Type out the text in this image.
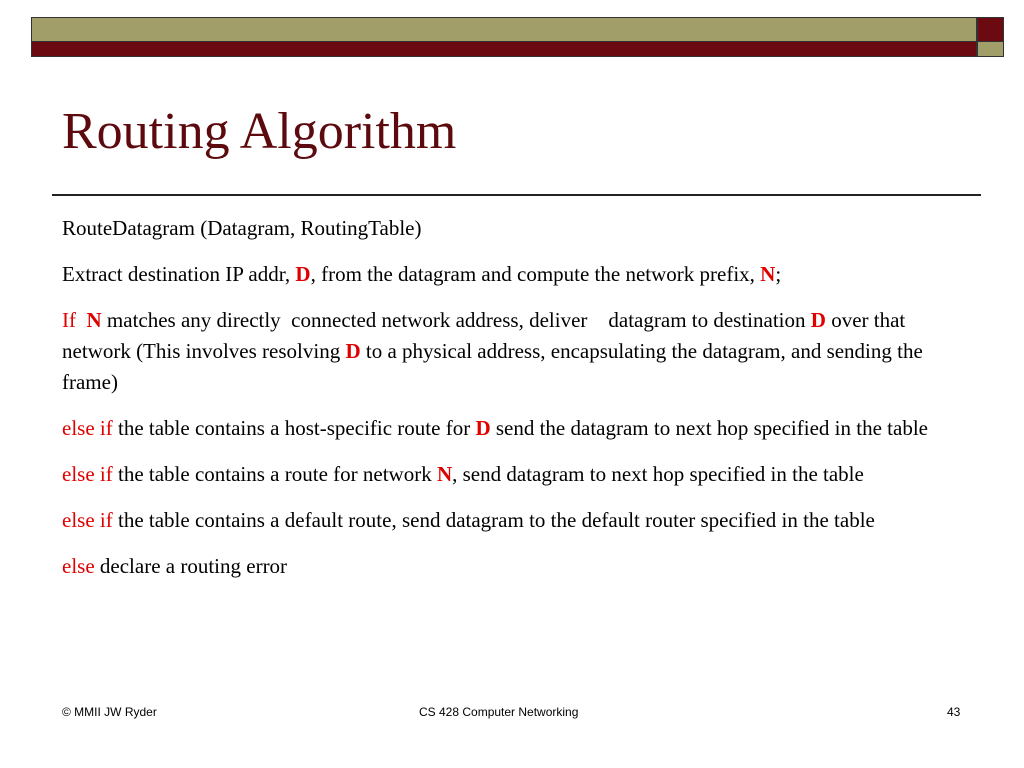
Routing Algorithm

RouteDatagram (Datagram, RoutingTable)

Extract destination IP addr, D, from the datagram and compute the network prefix, N;

If  N matches any directly  connected network address, deliver    datagram to destination D over that network (This involves resolving D to a physical address, encapsulating the datagram, and sending the frame)

else if the table contains a host-specific route for D send the datagram to next hop specified in the table

else if the table contains a route for network N, send datagram to next hop specified in the table

else if the table contains a default route, send datagram to the default router specified in the table

else declare a routing error

© MMII JW Ryder	CS 428 Computer Networking	43
